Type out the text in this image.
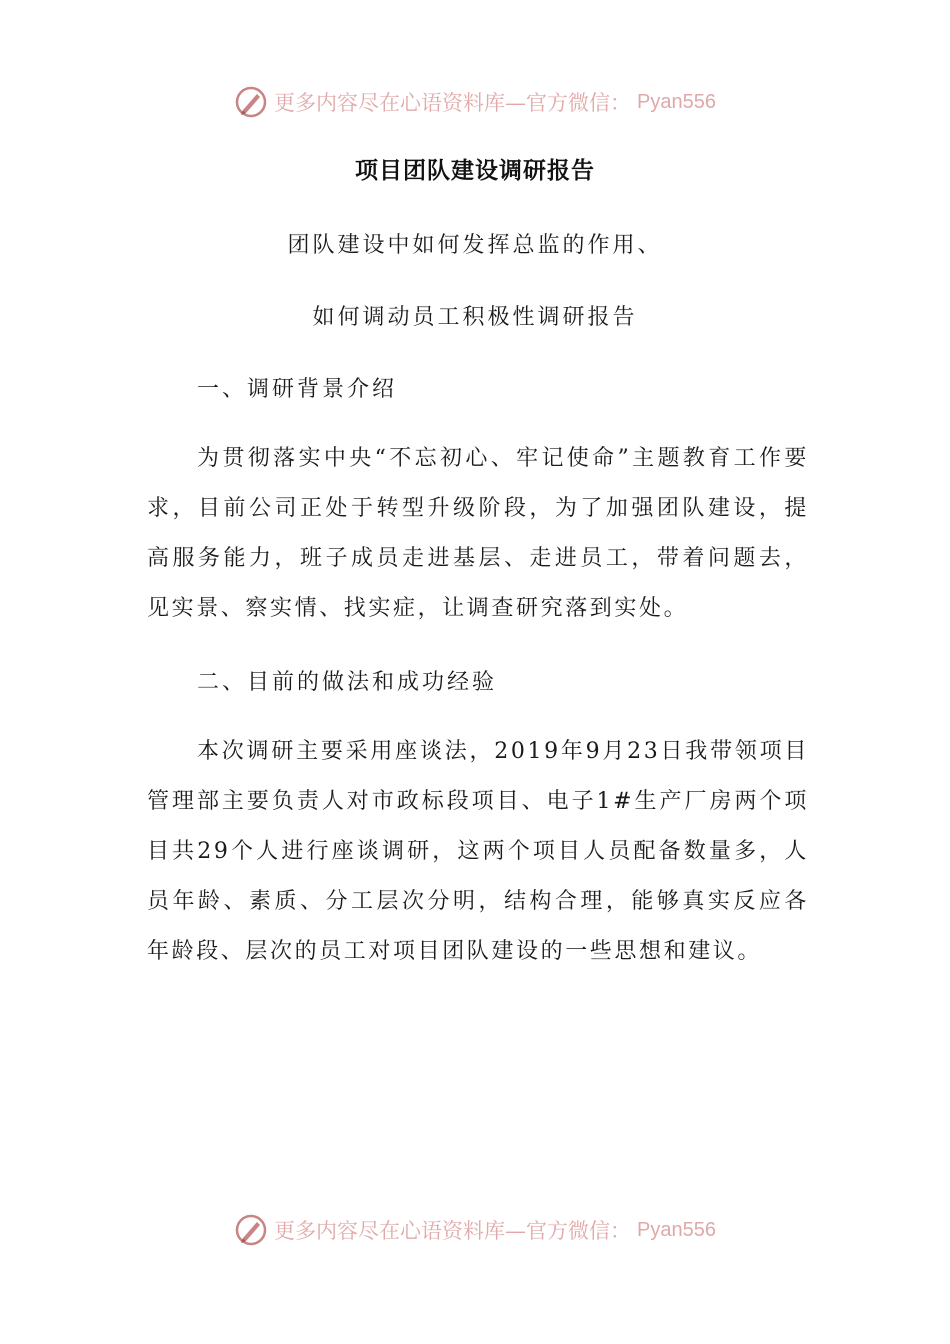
更多内容尽在心语资料库—官方微信： Pyan556
项目团队建设调研报告
团队建设中如何发挥总监的作用、
如何调动员工积极性调研报告
一、调研背景介绍

为贯彻落实中央“不忘初心、牢记使命”主题教育工作要求，目前公司正处于转型升级阶段，为了加强团队建设，提高服务能力，班子成员走进基层、走进员工，带着问题去，见实景、察实情、找实症，让调查研究落到实处。

二、目前的做法和成功经验

本次调研主要采用座谈法，2019年9月23日我带领项目管理部主要负责人对市政标段项目、电子1#生产厂房两个项目共29个人进行座谈调研，这两个项目人员配备数量多，人员年龄、素质、分工层次分明，结构合理，能够真实反应各年龄段、层次的员工对项目团队建设的一些思想和建议。

更多内容尽在心语资料库—官方微信： Pyan556
